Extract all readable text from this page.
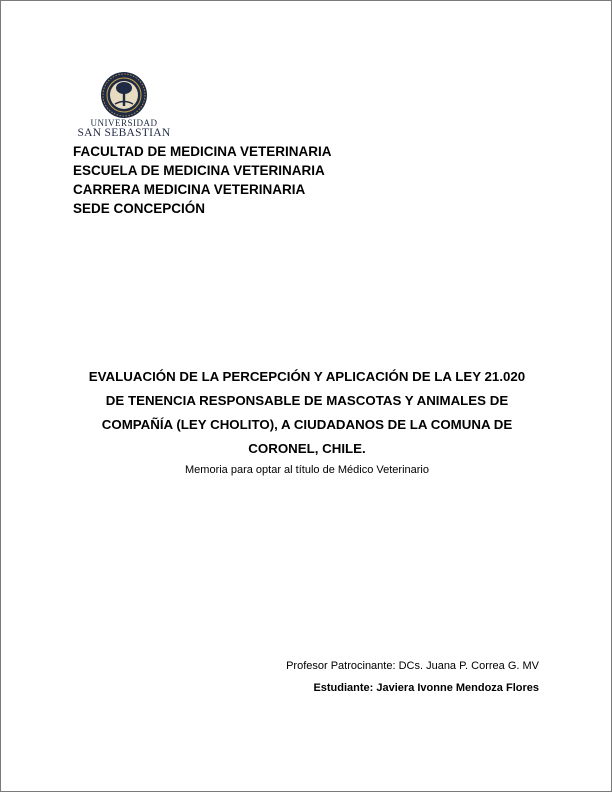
UNIVERSIDAD
SAN SEBASTIAN
FACULTAD DE MEDICINA VETERINARIA
ESCUELA DE MEDICINA VETERINARIA
CARRERA MEDICINA VETERINARIA
SEDE CONCEPCIÓN
EVALUACIÓN DE LA PERCEPCIÓN Y APLICACIÓN DE LA LEY 21.020
DE TENENCIA RESPONSABLE DE MASCOTAS Y ANIMALES DE
COMPAÑÍA (LEY CHOLITO), A CIUDADANOS DE LA COMUNA DE
CORONEL, CHILE.
Memoria para optar al título de Médico Veterinario
Profesor Patrocinante: DCs. Juana P. Correa G. MV
Estudiante: Javiera Ivonne Mendoza Flores
